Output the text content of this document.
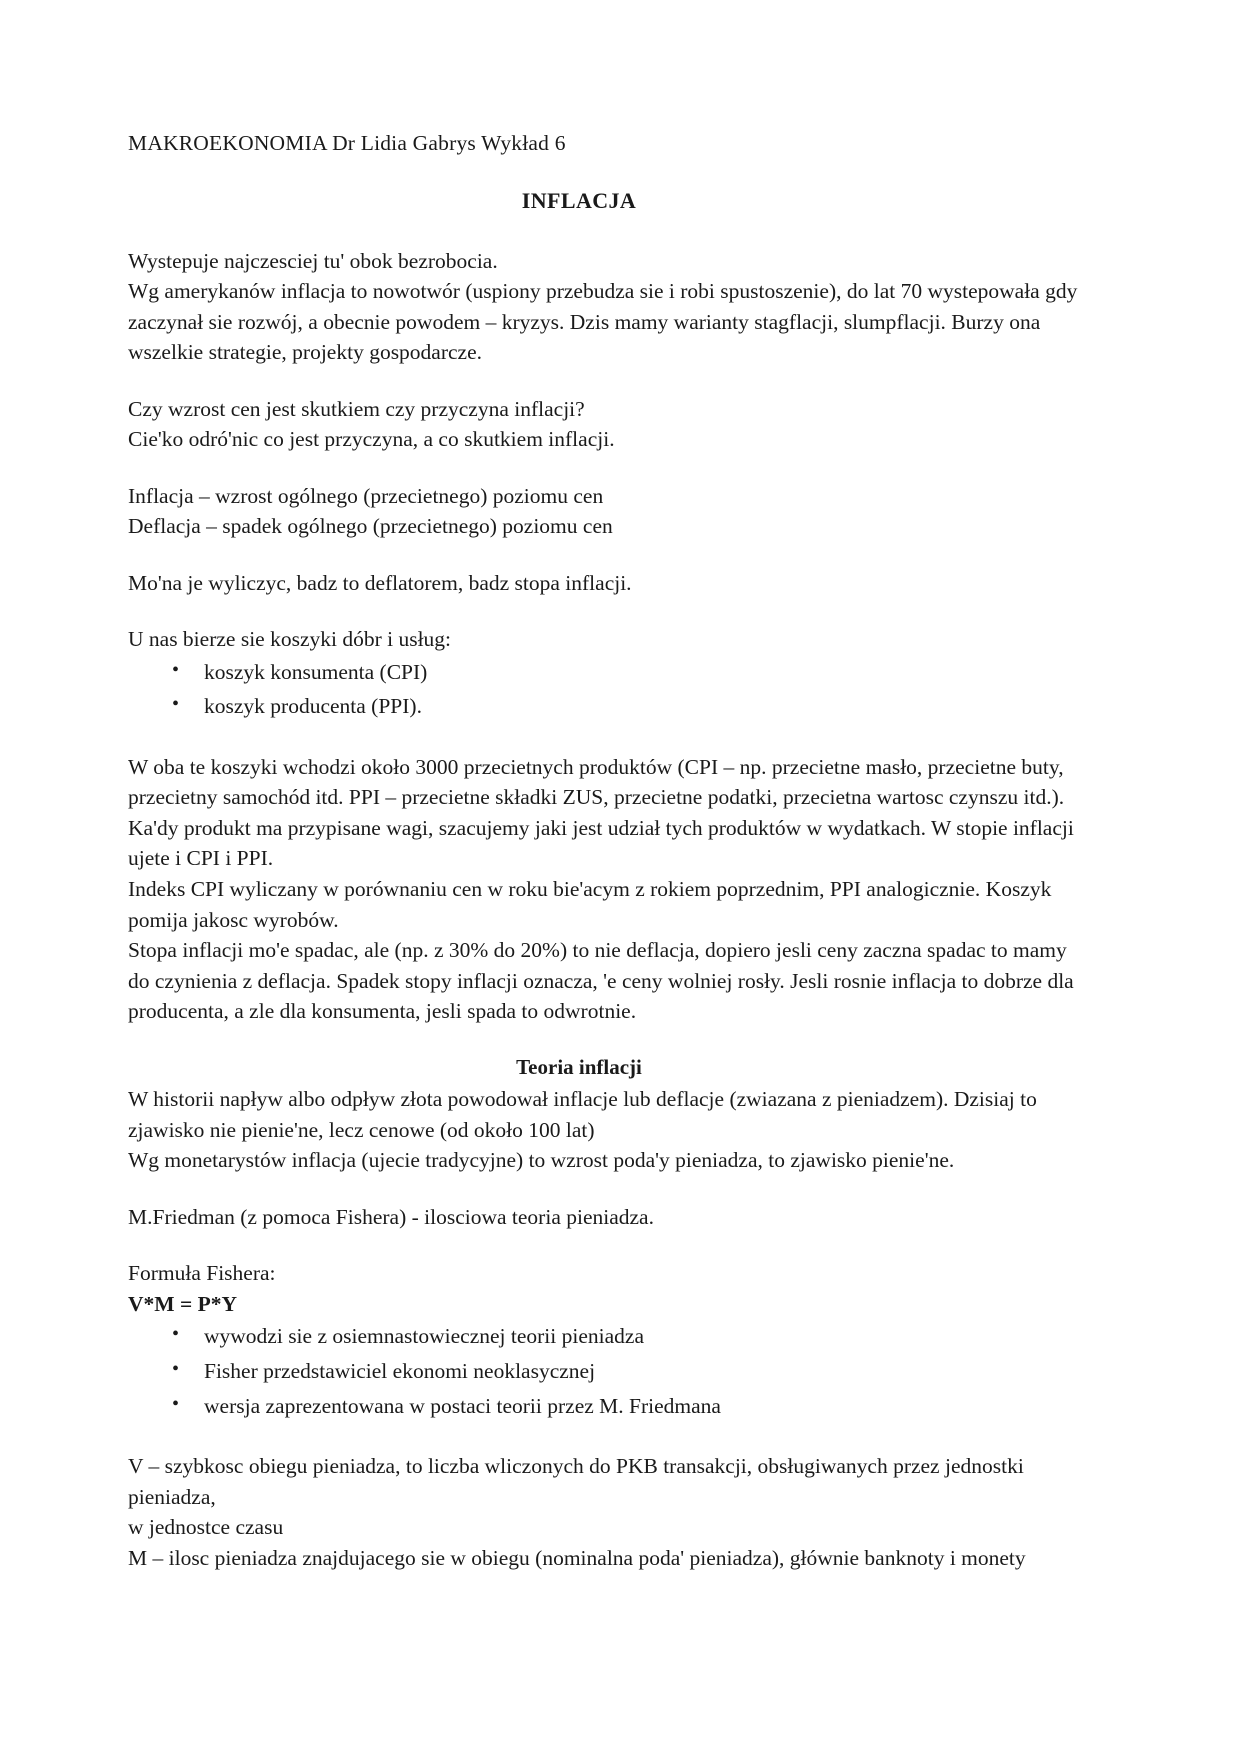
MAKROEKONOMIA Dr Lidia Gabrys Wykład 6
INFLACJA

Wystepuje najczesciej tu' obok bezrobocia.

Wg amerykanów inflacja to nowotwór (uspiony przebudza sie i robi spustoszenie), do lat 70 wystepowała gdy zaczynał sie rozwój, a obecnie powodem – kryzys. Dzis mamy warianty stagflacji, slumpflacji. Burzy ona wszelkie strategie, projekty gospodarcze.

Czy wzrost cen jest skutkiem czy przyczyna inflacji?

Cie'ko odró'nic co jest przyczyna, a co skutkiem inflacji.

Inflacja – wzrost ogólnego (przecietnego) poziomu cen

Deflacja – spadek ogólnego (przecietnego) poziomu cen

Mo'na je wyliczyc, badz to deflatorem, badz stopa inflacji.

U nas bierze sie koszyki dóbr i usług:

• koszyk konsumenta (CPI)
• koszyk producenta (PPI).

W oba te koszyki wchodzi około 3000 przecietnych produktów (CPI – np. przecietne masło, przecietne buty, przecietny samochód itd. PPI – przecietne składki ZUS, przecietne podatki, przecietna wartosc czynszu itd.). Ka'dy produkt ma przypisane wagi, szacujemy jaki jest udział tych produktów w wydatkach. W stopie inflacji ujete i CPI i PPI.

Indeks CPI wyliczany w porównaniu cen w roku bie'acym z rokiem poprzednim, PPI analogicznie. Koszyk pomija jakosc wyrobów.

Stopa inflacji mo'e spadac, ale (np. z 30% do 20%) to nie deflacja, dopiero jesli ceny zaczna spadac to mamy do czynienia z deflacja. Spadek stopy inflacji oznacza, 'e ceny wolniej rosły. Jesli rosnie inflacja to dobrze dla producenta, a zle dla konsumenta, jesli spada to odwrotnie.

Teoria inflacji

W historii napływ albo odpływ złota powodował inflacje lub deflacje (zwiazana z pieniadzem). Dzisiaj to zjawisko nie pienie'ne, lecz cenowe (od około 100 lat)

Wg monetarystów inflacja (ujecie tradycyjne) to wzrost poda'y pieniadza, to zjawisko pienie'ne.

M.Friedman (z pomoca Fishera) - ilosciowa teoria pieniadza.

Formuła Fishera:

V*M = P*Y

• wywodzi sie z osiemnastowiecznej teorii pieniadza
• Fisher przedstawiciel ekonomi neoklasycznej
• wersja zaprezentowana w postaci teorii przez M. Friedmana

V – szybkosc obiegu pieniadza, to liczba wliczonych do PKB transakcji, obsługiwanych przez jednostki pieniadza,

w jednostce czasu

M – ilosc pieniadza znajdujacego sie w obiegu (nominalna poda' pieniadza), głównie banknoty i monety
